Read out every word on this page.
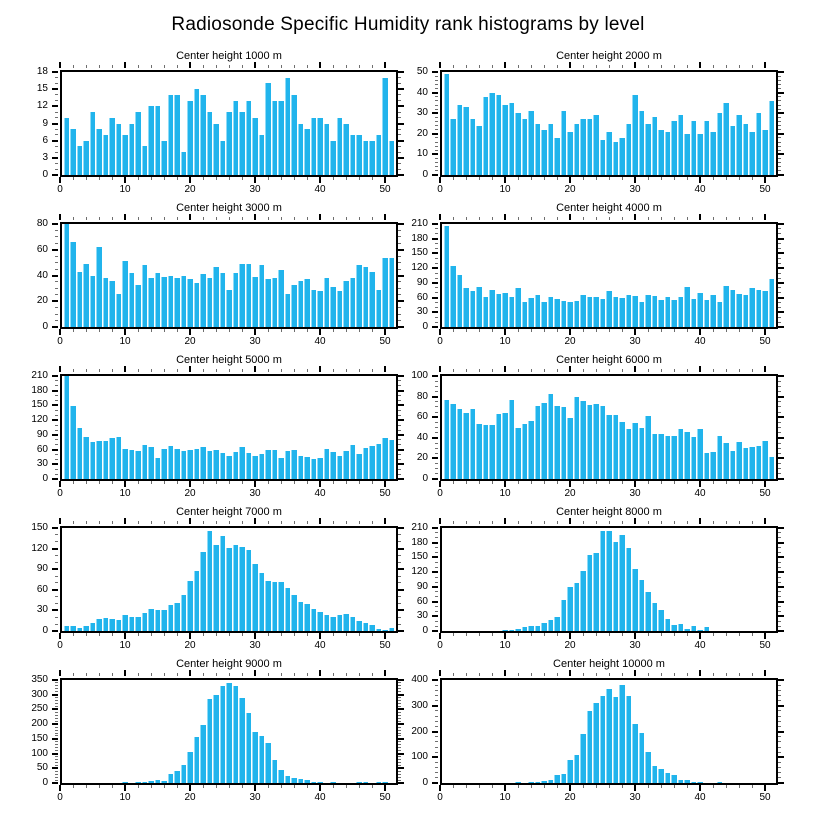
Radiosonde Specific Humidity rank histograms by level
Center height 1000 m
0	10	20	30	40	50
0
3
6
9
12
15
18
Center height 2000 m
0	10	20	30	40	50
0
10
20
30
40
50
Center height 3000 m
0	10	20	30	40	50
0
20
40
60
80
Center height 4000 m
0	10	20	30	40	50
0
30
60
90
120
150
180
210
Center height 5000 m
0	10	20	30	40	50
0
30
60
90
120
150
180
210
Center height 6000 m
0	10	20	30	40	50
0
20
40
60
80
100
Center height 7000 m
0	10	20	30	40	50
0
30
60
90
120
150
Center height 8000 m
0	10	20	30	40	50
0
30
60
90
120
150
180
210
Center height 9000 m
0	10	20	30	40	50
0
50
100
150
200
250
300
350
Center height 10000 m
0	10	20	30	40	50
0
100
200
300
400
